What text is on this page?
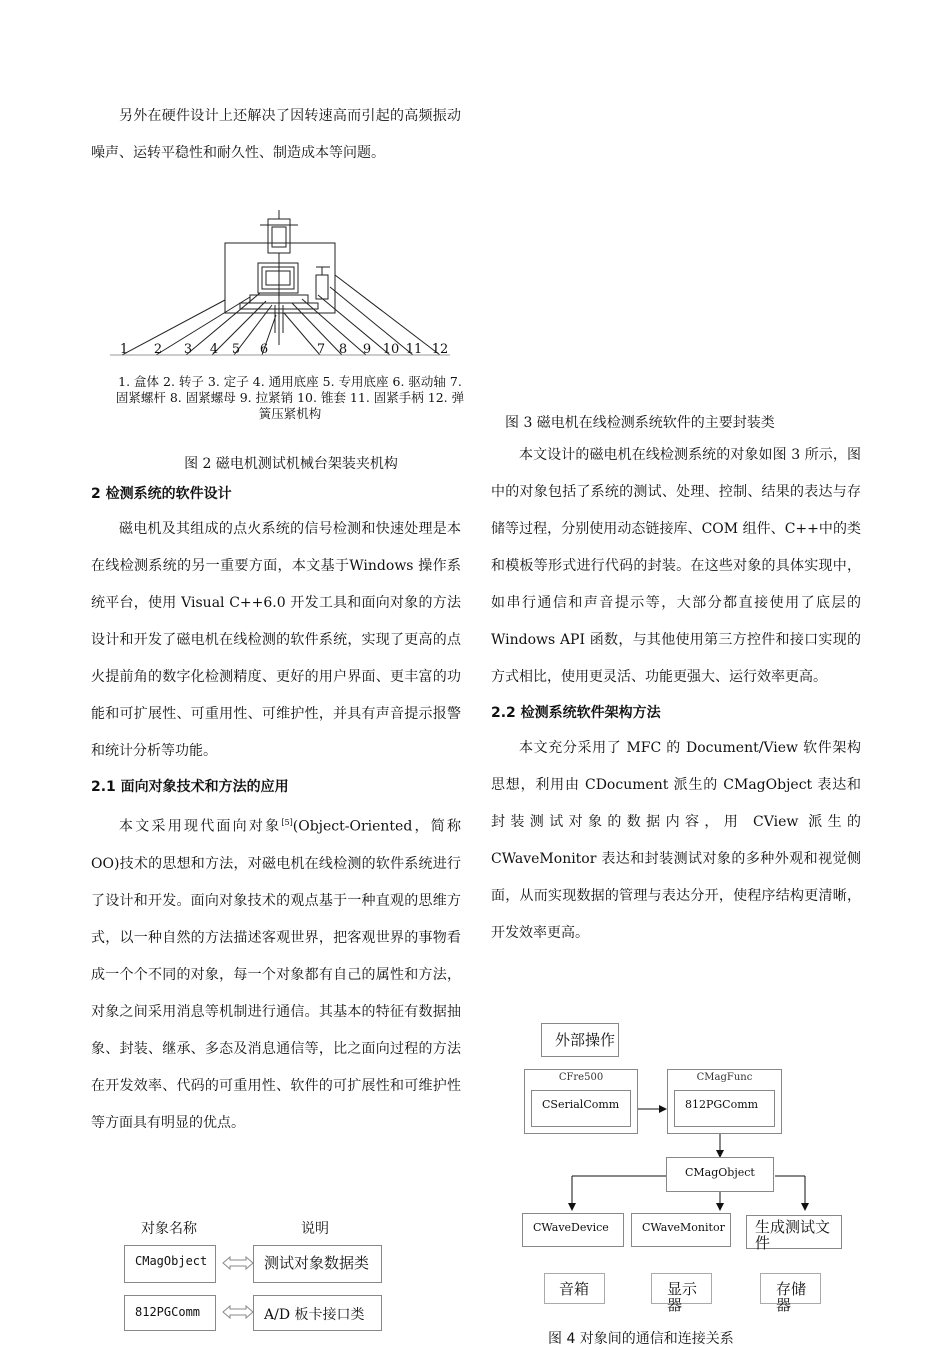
另外在硬件设计上还解决了因转速高而引起的高频振动噪声、运转平稳性和耐久性、制造成本等问题。

1 2 3 4 5 6	7 8 9 10 11 12

1. 盒体 2. 转子 3. 定子 4. 通用底座 5. 专用底座 6. 驱动轴 7. 固紧螺杆 8. 固紧螺母 9. 拉紧销 10. 锥套 11. 固紧手柄 12. 弹簧压紧机构

图 2 磁电机测试机械台架装夹机构

2 检测系统的软件设计

磁电机及其组成的点火系统的信号检测和快速处理是本在线检测系统的另一重要方面，本文基于Windows 操作系统平台，使用 Visual C++6.0 开发工具和面向对象的方法设计和开发了磁电机在线检测的软件系统，实现了更高的点火提前角的数字化检测精度、更好的用户界面、更丰富的功能和可扩展性、可重用性、可维护性，并具有声音提示报警和统计分析等功能。

2.1 面向对象技术和方法的应用

本文采用现代面向对象[5](Object-Oriented，简称 OO)技术的思想和方法，对磁电机在线检测的软件系统进行了设计和开发。面向对象技术的观点基于一种直观的思维方式，以一种自然的方法描述客观世界，把客观世界的事物看成一个个不同的对象，每一个对象都有自己的属性和方法，对象之间采用消息等机制进行通信。其基本的特征有数据抽象、封装、继承、多态及消息通信等，比之面向过程的方法在开发效率、代码的可重用性、软件的可扩展性和可维护性等方面具有明显的优点。

对象名称	说明
CMagObject	测试对象数据类
812PGComm	A/D 板卡接口类

图 3 磁电机在线检测系统软件的主要封装类

本文设计的磁电机在线检测系统的对象如图 3 所示，图中的对象包括了系统的测试、处理、控制、结果的表达与存储等过程，分别使用动态链接库、COM 组件、C++中的类和模板等形式进行代码的封装。在这些对象的具体实现中，如串行通信和声音提示等，大部分都直接使用了底层的 Windows API 函数，与其他使用第三方控件和接口实现的方式相比，使用更灵活、功能更强大、运行效率更高。

2.2 检测系统软件架构方法

本文充分采用了 MFC 的 Document/View 软件架构思想，利用由 CDocument 派生的 CMagObject 表达和封装测试对象的数据内容，用 CView 派生的CWaveMonitor 表达和封装测试对象的多种外观和视觉侧面，从而实现数据的管理与表达分开，使程序结构更清晰，开发效率更高。

外部操作
CFre500
CSerialComm
CMagFunc
812PGComm
CMagObject
CWaveDevice	CWaveMonitor	生成测试文件
音箱	显示器
存储器
图 4 对象间的通信和连接关系
